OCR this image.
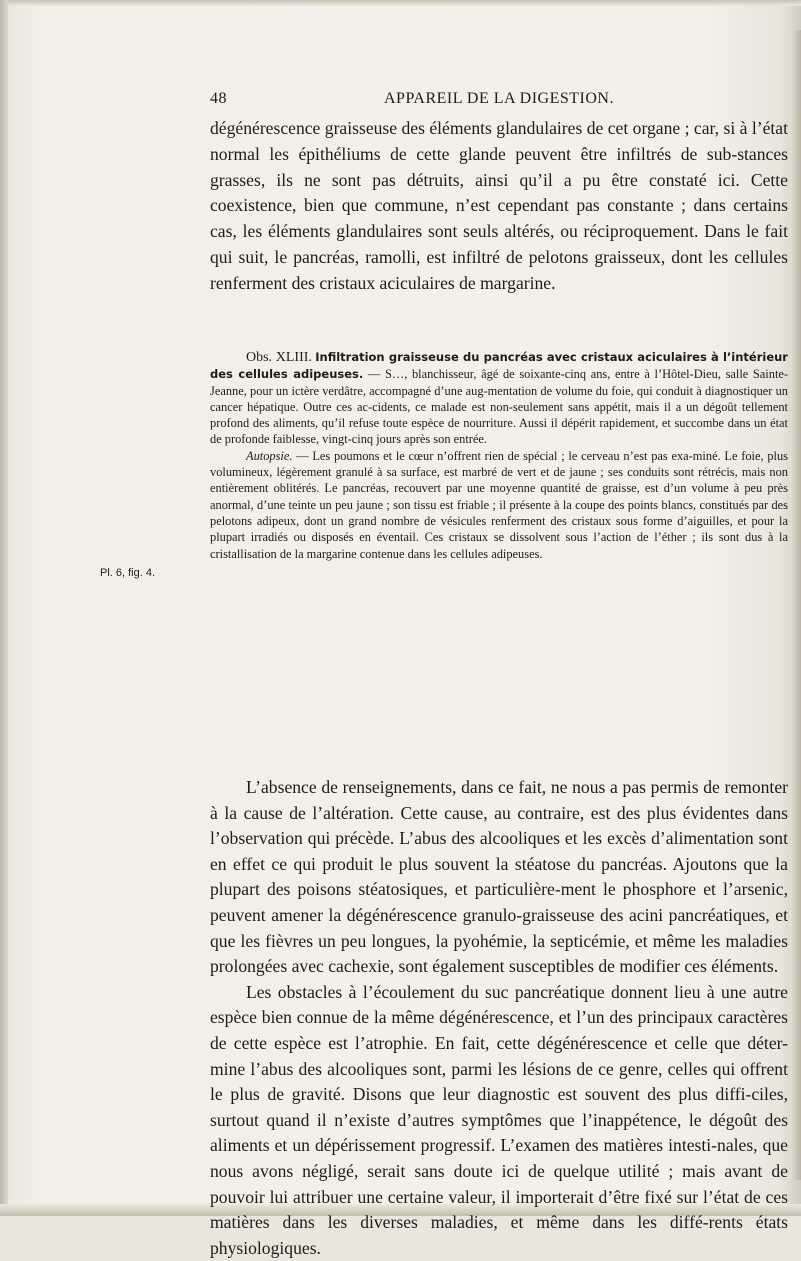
48	APPAREIL DE LA DIGESTION.

dégénérescence graisseuse des éléments glandulaires de cet organe ; car, si à l’état normal les épithéliums de cette glande peuvent être infiltrés de sub-stances grasses, ils ne sont pas détruits, ainsi qu’il a pu être constaté ici. Cette coexistence, bien que commune, n’est cependant pas constante ; dans certains cas, les éléments glandulaires sont seuls altérés, ou réciproquement. Dans le fait qui suit, le pancréas, ramolli, est infiltré de pelotons graisseux, dont les cellules renferment des cristaux aciculaires de margarine.

Obs. XLIII. Infiltration graisseuse du pancréas avec cristaux aciculaires à l’intérieur des cellules adipeuses. — S…, blanchisseur, âgé de soixante-cinq ans, entre à l’Hôtel-Dieu, salle Sainte-Jeanne, pour un ictère verdâtre, accompagné d’une aug-mentation de volume du foie, qui conduit à diagnostiquer un cancer hépatique. Outre ces ac-cidents, ce malade est non-seulement sans appétit, mais il a un dégoût tellement profond des aliments, qu’il refuse toute espèce de nourriture. Aussi il dépérit rapidement, et succombe dans un état de profonde faiblesse, vingt-cinq jours après son entrée.

Autopsie. — Les poumons et le cœur n’offrent rien de spécial ; le cerveau n’est pas exa-miné. Le foie, plus volumineux, légèrement granulé à sa surface, est marbré de vert et de jaune ; ses conduits sont rétrécis, mais non entièrement oblitérés. Le pancréas, recouvert par une moyenne quantité de graisse, est d’un volume à peu près anormal, d’une teinte un peu jaune ; son tissu est friable ; il présente à la coupe des points blancs, constitués par des pelotons adipeux, dont un grand nombre de vésicules renferment des cristaux sous forme d’aiguilles, et pour la plupart irradiés ou disposés en éventail. Ces cristaux se dissolvent sous l’action de l’éther ; ils sont dus à la cristallisation de la margarine contenue dans les cellules adipeuses.

Pl. 6, fig. 4.

L’absence de renseignements, dans ce fait, ne nous a pas permis de remonter à la cause de l’altération. Cette cause, au contraire, est des plus évidentes dans l’observation qui précède. L’abus des alcooliques et les excès d’alimentation sont en effet ce qui produit le plus souvent la stéatose du pancréas. Ajoutons que la plupart des poisons stéatosiques, et particulière-ment le phosphore et l’arsenic, peuvent amener la dégénérescence granulo-graisseuse des acini pancréatiques, et que les fièvres un peu longues, la pyohémie, la septicémie, et même les maladies prolongées avec cachexie, sont également susceptibles de modifier ces éléments.

Les obstacles à l’écoulement du suc pancréatique donnent lieu à une autre espèce bien connue de la même dégénérescence, et l’un des principaux caractères de cette espèce est l’atrophie. En fait, cette dégénérescence et celle que déter-mine l’abus des alcooliques sont, parmi les lésions de ce genre, celles qui offrent le plus de gravité. Disons que leur diagnostic est souvent des plus diffi-ciles, surtout quand il n’existe d’autres symptômes que l’inappétence, le dégoût des aliments et un dépérissement progressif. L’examen des matières intesti-nales, que nous avons négligé, serait sans doute ici de quelque utilité ; mais avant de pouvoir lui attribuer une certaine valeur, il importerait d’être fixé sur l’état de ces matières dans les diverses maladies, et même dans les diffé-rents états physiologiques.
